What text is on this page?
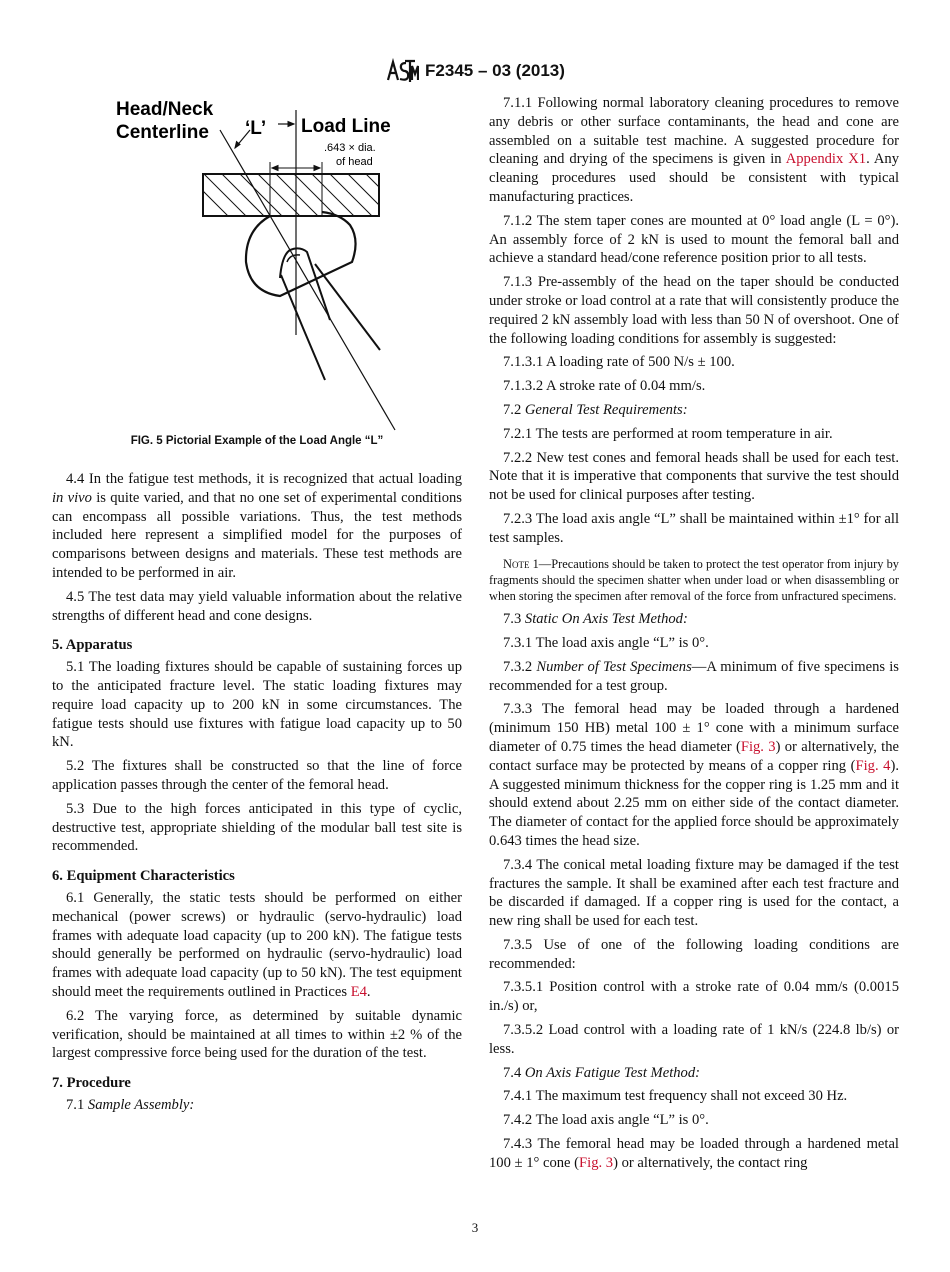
F2345 – 03 (2013)
Head/Neck
Centerline ‘L’ Load Line
.643 × dia.
of head
FIG. 5 Pictorial Example of the Load Angle “L”
4.4 In the fatigue test methods, it is recognized that actual loading in vivo is quite varied, and that no one set of experimental conditions can encompass all possible variations. Thus, the test methods included here represent a simplified model for the purposes of comparisons between designs and materials. These test methods are intended to be performed in air.
4.5 The test data may yield valuable information about the relative strengths of different head and cone designs.
5. Apparatus
5.1 The loading fixtures should be capable of sustaining forces up to the anticipated fracture level. The static loading fixtures may require load capacity up to 200 kN in some circumstances. The fatigue tests should use fixtures with fatigue load capacity up to 50 kN.
5.2 The fixtures shall be constructed so that the line of force application passes through the center of the femoral head.
5.3 Due to the high forces anticipated in this type of cyclic, destructive test, appropriate shielding of the modular ball test site is recommended.
6. Equipment Characteristics
6.1 Generally, the static tests should be performed on either mechanical (power screws) or hydraulic (servo-hydraulic) load frames with adequate load capacity (up to 200 kN). The fatigue tests should generally be performed on hydraulic (servo-hydraulic) load frames with adequate load capacity (up to 50 kN). The test equipment should meet the requirements outlined in Practices E4.
6.2 The varying force, as determined by suitable dynamic verification, should be maintained at all times to within ±2 % of the largest compressive force being used for the duration of the test.
7. Procedure
7.1 Sample Assembly:
7.1.1 Following normal laboratory cleaning procedures to remove any debris or other surface contaminants, the head and cone are assembled on a suitable test machine. A suggested procedure for cleaning and drying of the specimens is given in Appendix X1. Any cleaning procedures used should be consistent with typical manufacturing practices.
7.1.2 The stem taper cones are mounted at 0° load angle (L = 0°). An assembly force of 2 kN is used to mount the femoral ball and achieve a standard head/cone reference position prior to all tests.
7.1.3 Pre-assembly of the head on the taper should be conducted under stroke or load control at a rate that will consistently produce the required 2 kN assembly load with less than 50 N of overshoot. One of the following loading conditions for assembly is suggested:
7.1.3.1 A loading rate of 500 N/s ± 100.
7.1.3.2 A stroke rate of 0.04 mm/s.
7.2 General Test Requirements:
7.2.1 The tests are performed at room temperature in air.
7.2.2 New test cones and femoral heads shall be used for each test. Note that it is imperative that components that survive the test should not be used for clinical purposes after testing.
7.2.3 The load axis angle “L” shall be maintained within ±1° for all test samples.
Note 1—Precautions should be taken to protect the test operator from injury by fragments should the specimen shatter when under load or when disassembling or when storing the specimen after removal of the force from unfractured specimens.
7.3 Static On Axis Test Method:
7.3.1 The load axis angle “L” is 0°.
7.3.2 Number of Test Specimens—A minimum of five specimens is recommended for a test group.
7.3.3 The femoral head may be loaded through a hardened (minimum 150 HB) metal 100 ± 1° cone with a minimum surface diameter of 0.75 times the head diameter (Fig. 3) or alternatively, the contact surface may be protected by means of a copper ring (Fig. 4). A suggested minimum thickness for the copper ring is 1.25 mm and it should extend about 2.25 mm on either side of the contact diameter. The diameter of contact for the applied force should be approximately 0.643 times the head size.
7.3.4 The conical metal loading fixture may be damaged if the test fractures the sample. It shall be examined after each test fracture and be discarded if damaged. If a copper ring is used for the contact, a new ring shall be used for each test.
7.3.5 Use of one of the following loading conditions are recommended:
7.3.5.1 Position control with a stroke rate of 0.04 mm/s (0.0015 in./s) or,
7.3.5.2 Load control with a loading rate of 1 kN/s (224.8 lb/s) or less.
7.4 On Axis Fatigue Test Method:
7.4.1 The maximum test frequency shall not exceed 30 Hz.
7.4.2 The load axis angle “L” is 0°.
7.4.3 The femoral head may be loaded through a hardened metal 100 ± 1° cone (Fig. 3) or alternatively, the contact ring
3
